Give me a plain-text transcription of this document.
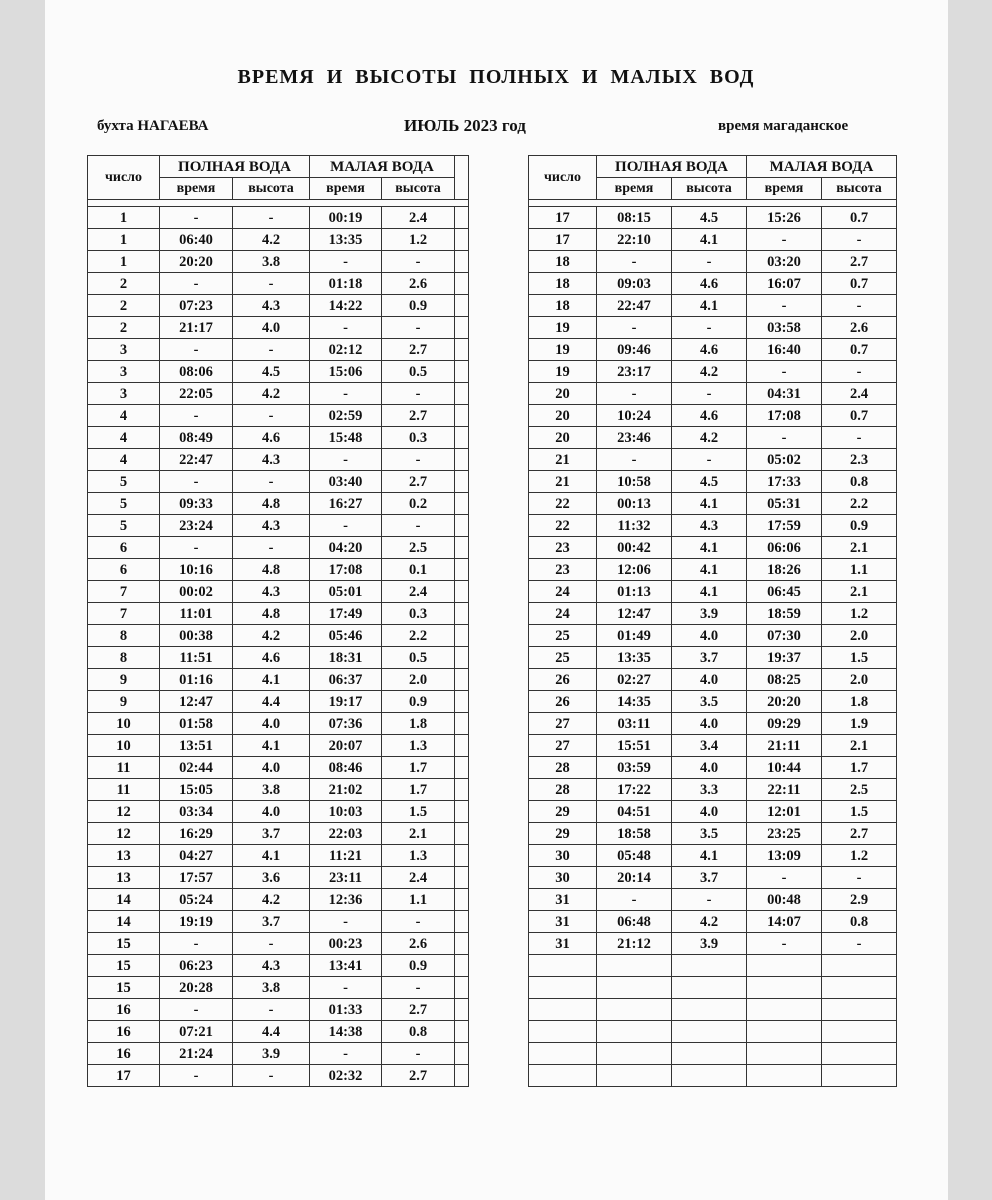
ВРЕМЯ И ВЫСОТЫ ПОЛНЫХ И МАЛЫХ ВОД
бухта НАГАЕВА	ИЮЛЬ 2023 год	время магаданское
число	ПОЛНАЯ ВОДА		МАЛАЯ ВОДА		
	время	высота	время	высота	

1	-	-	00:19	2.4	
1	06:40	4.2	13:35	1.2	
1	20:20	3.8	-	-	
2	-	-	01:18	2.6	
2	07:23	4.3	14:22	0.9	
2	21:17	4.0	-	-	
3	-	-	02:12	2.7	
3	08:06	4.5	15:06	0.5	
3	22:05	4.2	-	-	
4	-	-	02:59	2.7	
4	08:49	4.6	15:48	0.3	
4	22:47	4.3	-	-	
5	-	-	03:40	2.7	
5	09:33	4.8	16:27	0.2	
5	23:24	4.3	-	-	
6	-	-	04:20	2.5	
6	10:16	4.8	17:08	0.1	
7	00:02	4.3	05:01	2.4	
7	11:01	4.8	17:49	0.3	
8	00:38	4.2	05:46	2.2	
8	11:51	4.6	18:31	0.5	
9	01:16	4.1	06:37	2.0	
9	12:47	4.4	19:17	0.9	
10	01:58	4.0	07:36	1.8	
10	13:51	4.1	20:07	1.3	
11	02:44	4.0	08:46	1.7	
11	15:05	3.8	21:02	1.7	
12	03:34	4.0	10:03	1.5	
12	16:29	3.7	22:03	2.1	
13	04:27	4.1	11:21	1.3	
13	17:57	3.6	23:11	2.4	
14	05:24	4.2	12:36	1.1	
14	19:19	3.7	-	-	
15	-	-	00:23	2.6	
15	06:23	4.3	13:41	0.9	
15	20:28	3.8	-	-	
16	-	-	01:33	2.7	
16	07:21	4.4	14:38	0.8	
16	21:24	3.9	-	-	
17	-	-	02:32	2.7	
число	ПОЛНАЯ ВОДА		МАЛАЯ ВОДА	
	время	высота	время	высота

17	08:15	4.5	15:26	0.7
17	22:10	4.1	-	-
18	-	-	03:20	2.7
18	09:03	4.6	16:07	0.7
18	22:47	4.1	-	-
19	-	-	03:58	2.6
19	09:46	4.6	16:40	0.7
19	23:17	4.2	-	-
20	-	-	04:31	2.4
20	10:24	4.6	17:08	0.7
20	23:46	4.2	-	-
21	-	-	05:02	2.3
21	10:58	4.5	17:33	0.8
22	00:13	4.1	05:31	2.2
22	11:32	4.3	17:59	0.9
23	00:42	4.1	06:06	2.1
23	12:06	4.1	18:26	1.1
24	01:13	4.1	06:45	2.1
24	12:47	3.9	18:59	1.2
25	01:49	4.0	07:30	2.0
25	13:35	3.7	19:37	1.5
26	02:27	4.0	08:25	2.0
26	14:35	3.5	20:20	1.8
27	03:11	4.0	09:29	1.9
27	15:51	3.4	21:11	2.1
28	03:59	4.0	10:44	1.7
28	17:22	3.3	22:11	2.5
29	04:51	4.0	12:01	1.5
29	18:58	3.5	23:25	2.7
30	05:48	4.1	13:09	1.2
30	20:14	3.7	-	-
31	-	-	00:48	2.9
31	06:48	4.2	14:07	0.8
31	21:12	3.9	-	-
